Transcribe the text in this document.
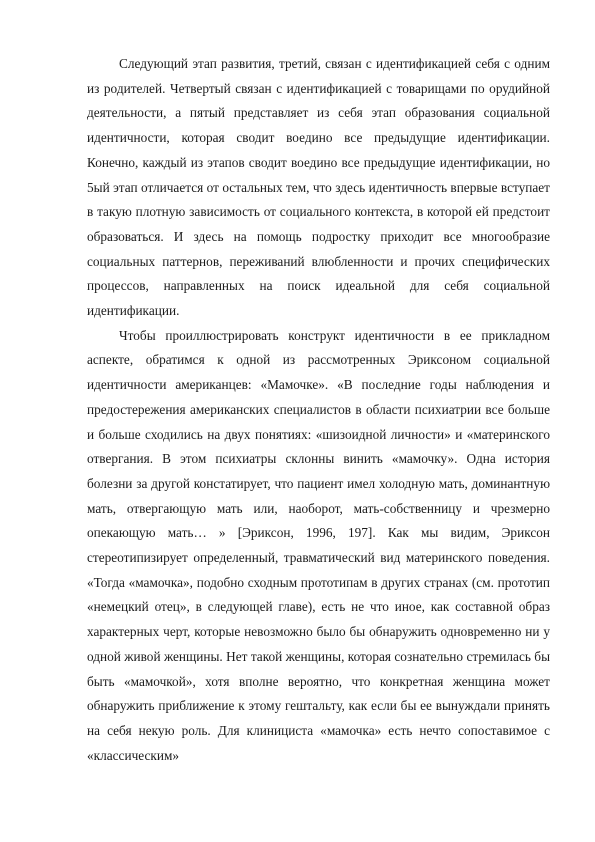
Следующий этап развития, третий, связан с идентификацией себя с одним из родителей. Четвертый связан с идентификацией с товарищами по орудийной деятельности, а пятый представляет из себя этап образования социальной идентичности, которая сводит воедино все предыдущие идентификации. Конечно, каждый из этапов сводит воедино все предыдущие идентификации, но 5ый этап отличается от остальных тем, что здесь идентичность впервые вступает в такую плотную зависимость от социального контекста, в которой ей предстоит образоваться. И здесь на помощь подростку приходит все многообразие социальных паттернов, переживаний влюбленности и прочих специфических процессов, направленных на поиск идеальной для себя социальной идентификации.

Чтобы проиллюстрировать конструкт идентичности в ее прикладном аспекте, обратимся к одной из рассмотренных Эриксоном социальной идентичности американцев: «Мамочке». «В последние годы наблюдения и предостережения американских специалистов в области психиатрии все больше и больше сходились на двух понятиях: «шизоидной личности» и «материнского отвергания. В этом психиатры склонны винить «мамочку». Одна история болезни за другой констатирует, что пациент имел холодную мать, доминантную мать, отвергающую мать или, наоборот, мать-собственницу и чрезмерно опекающую мать… » [Эриксон, 1996, 197]. Как мы видим, Эриксон стереотипизирует определенный, травматический вид материнского поведения. «Тогда «мамочка», подобно сходным прототипам в других странах (см. прототип «немецкий отец», в следующей главе), есть не что иное, как составной образ характерных черт, которые невозможно было бы обнаружить одновременно ни у одной живой женщины. Нет такой женщины, которая сознательно стремилась бы быть «мамочкой», хотя вполне вероятно, что конкретная женщина может обнаружить приближение к этому гештальту, как если бы ее вынуждали принять на себя некую роль. Для клинициста «мамочка» есть нечто сопоставимое с «классическим»
